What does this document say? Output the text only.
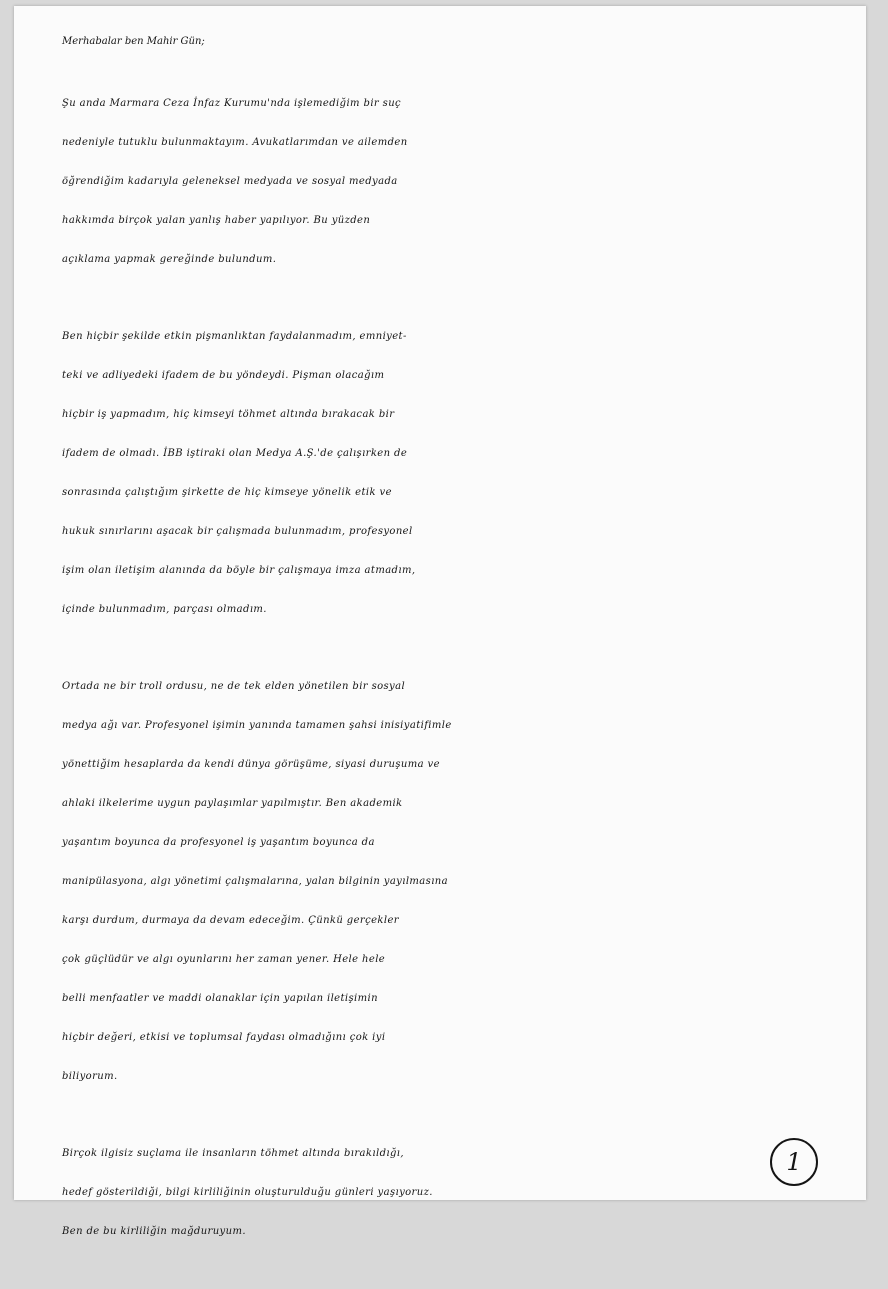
Merhabalar ben Mahir Gün;
Şu anda Marmara Ceza İnfaz Kurumu'nda işlemediğim bir suç
nedeniyle tutuklu bulunmaktayım. Avukatlarımdan ve ailemden
öğrendiğim kadarıyla geleneksel medyada ve sosyal medyada
hakkımda birçok yalan yanlış haber yapılıyor. Bu yüzden
açıklama yapmak gereğinde bulundum.
Ben hiçbir şekilde etkin pişmanlıktan faydalanmadım, emniyet-
teki ve adliyedeki ifadem de bu yöndeydi. Pişman olacağım
hiçbir iş yapmadım, hiç kimseyi töhmet altında bırakacak bir
ifadem de olmadı. İBB iştiraki olan Medya A.Ş.'de çalışırken de
sonrasında çalıştığım şirkette de hiç kimseye yönelik etik ve
hukuk sınırlarını aşacak bir çalışmada bulunmadım, profesyonel
işim olan iletişim alanında da böyle bir çalışmaya imza atmadım,
içinde bulunmadım, parçası olmadım.
Ortada ne bir troll ordusu, ne de tek elden yönetilen bir sosyal
medya ağı var. Profesyonel işimin yanında tamamen şahsi inisiyatifimle
yönettiğim hesaplarda da kendi dünya görüşüme, siyasi duruşuma ve
ahlaki ilkelerime uygun paylaşımlar yapılmıştır. Ben akademik
yaşantım boyunca da profesyonel iş yaşantım boyunca da
manipülasyona, algı yönetimi çalışmalarına, yalan bilginin yayılmasına
karşı durdum, durmaya da devam edeceğim. Çünkü gerçekler
çok güçlüdür ve algı oyunlarını her zaman yener. Hele hele
belli menfaatler ve maddi olanaklar için yapılan iletişimin
hiçbir değeri, etkisi ve toplumsal faydası olmadığını çok iyi
biliyorum.
Birçok ilgisiz suçlama ile insanların töhmet altında bırakıldığı,
hedef gösterildiği, bilgi kirliliğinin oluşturulduğu günleri yaşıyoruz.
Ben de bu kirliliğin mağduruyum.
1
